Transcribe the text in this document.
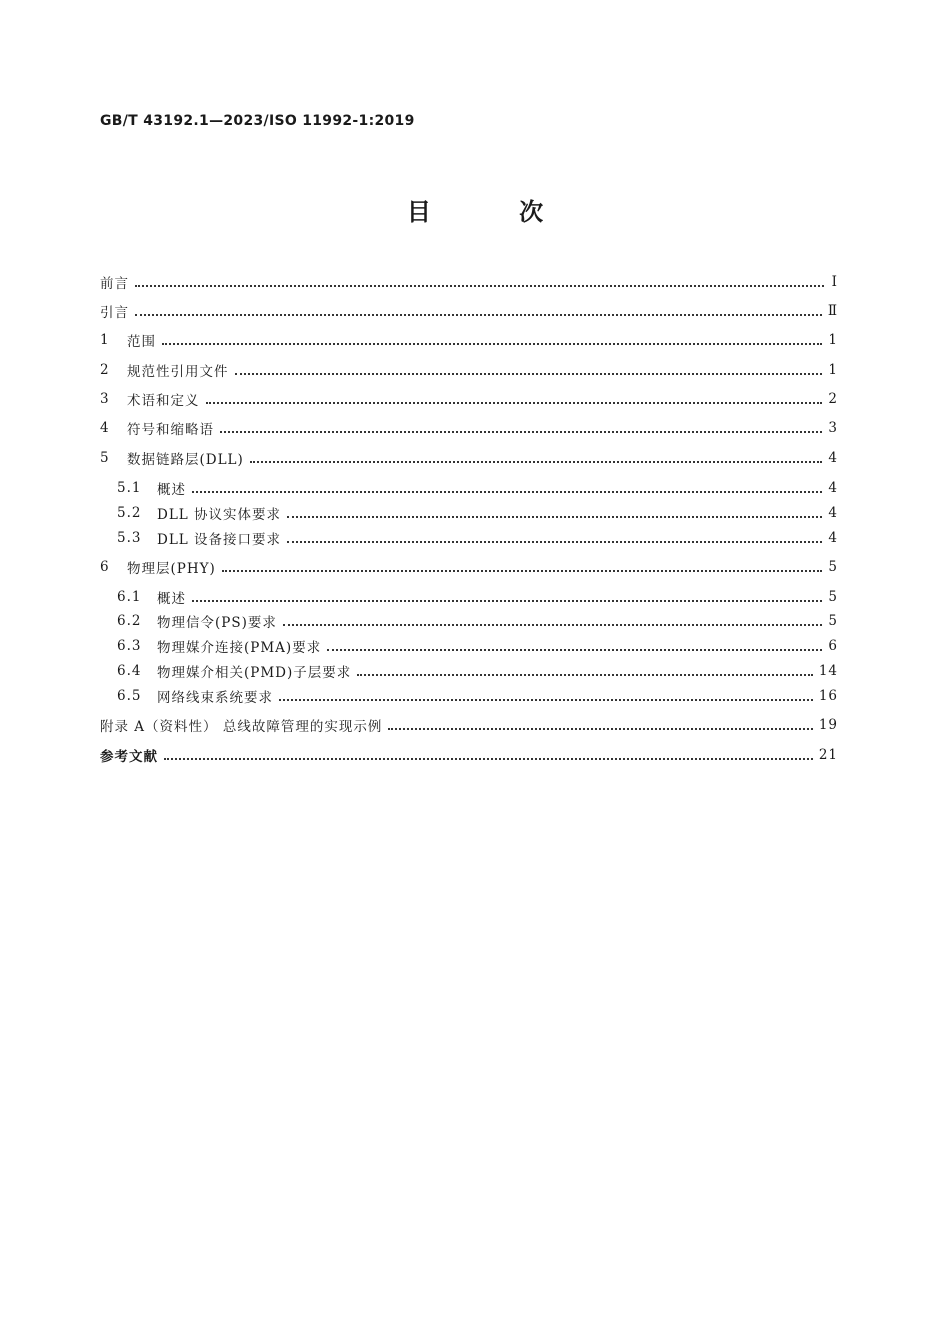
GB/T 43192.1—2023/ISO 11992-1:2019
目 次
前言	Ⅰ
引言	Ⅱ
1	范围	1
2	规范性引用文件	1
3	术语和定义	2
4	符号和缩略语	3
5	数据链路层(DLL)	4
5.1	概述	4
5.2	DLL 协议实体要求	4
5.3	DLL 设备接口要求	4
6	物理层(PHY)	5
6.1	概述	5
6.2	物理信令(PS)要求	5
6.3	物理媒介连接(PMA)要求	6
6.4	物理媒介相关(PMD)子层要求	14
6.5	网络线束系统要求	16
附录 A（资料性） 总线故障管理的实现示例	19
参考文献	21
